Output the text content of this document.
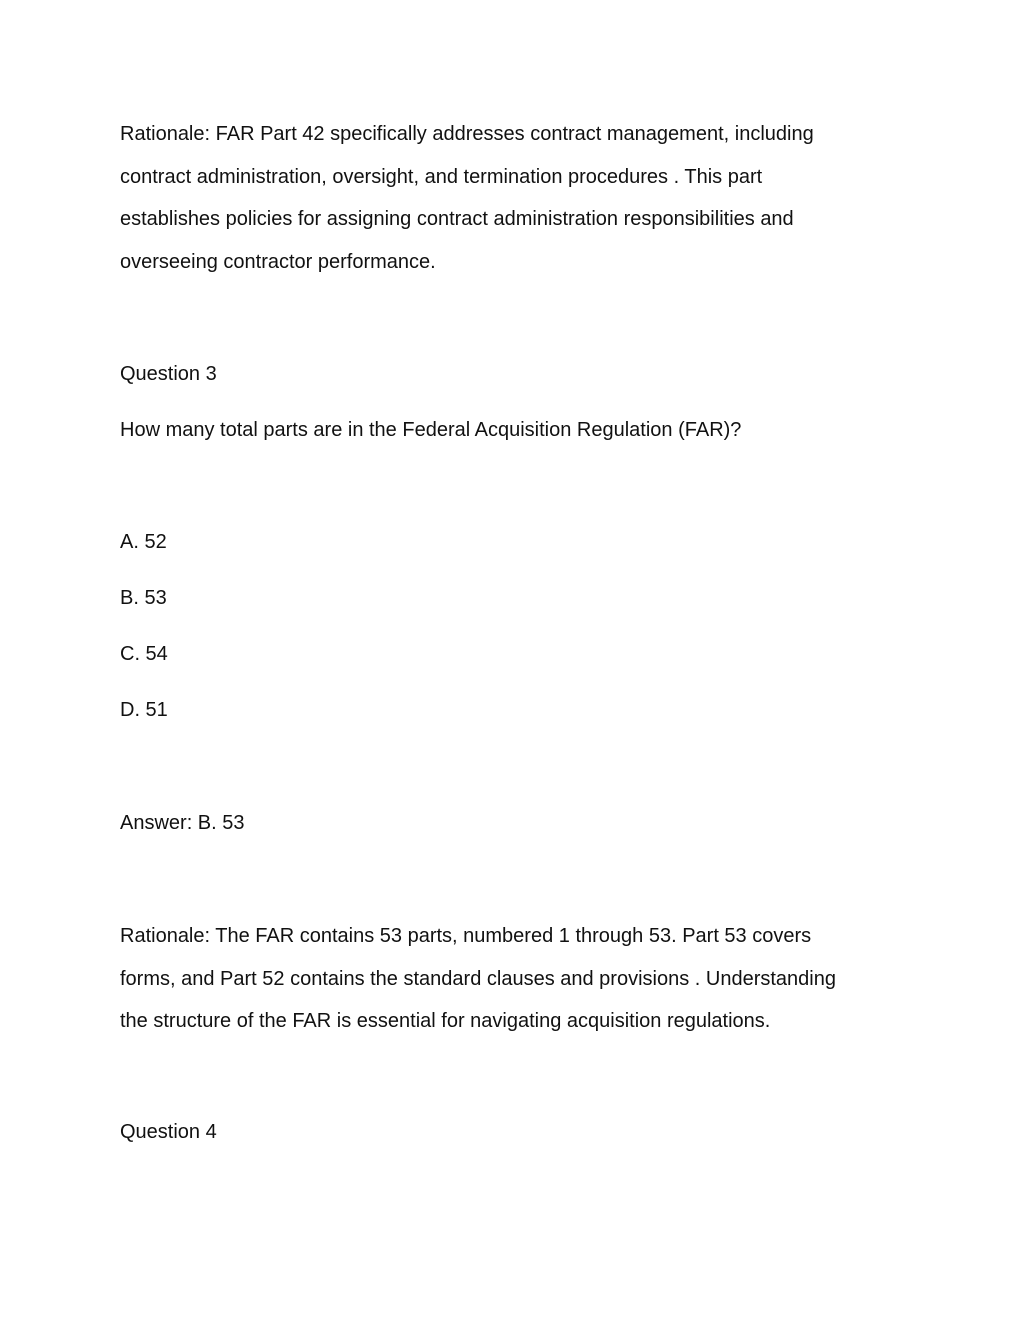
Rationale: FAR Part 42 specifically addresses contract management, including
contract administration, oversight, and termination procedures . This part
establishes policies for assigning contract administration responsibilities and
overseeing contractor performance.

Question 3

How many total parts are in the Federal Acquisition Regulation (FAR)?

A. 52

B. 53

C. 54

D. 51

Answer: B. 53

Rationale: The FAR contains 53 parts, numbered 1 through 53. Part 53 covers
forms, and Part 52 contains the standard clauses and provisions . Understanding
the structure of the FAR is essential for navigating acquisition regulations.

Question 4
